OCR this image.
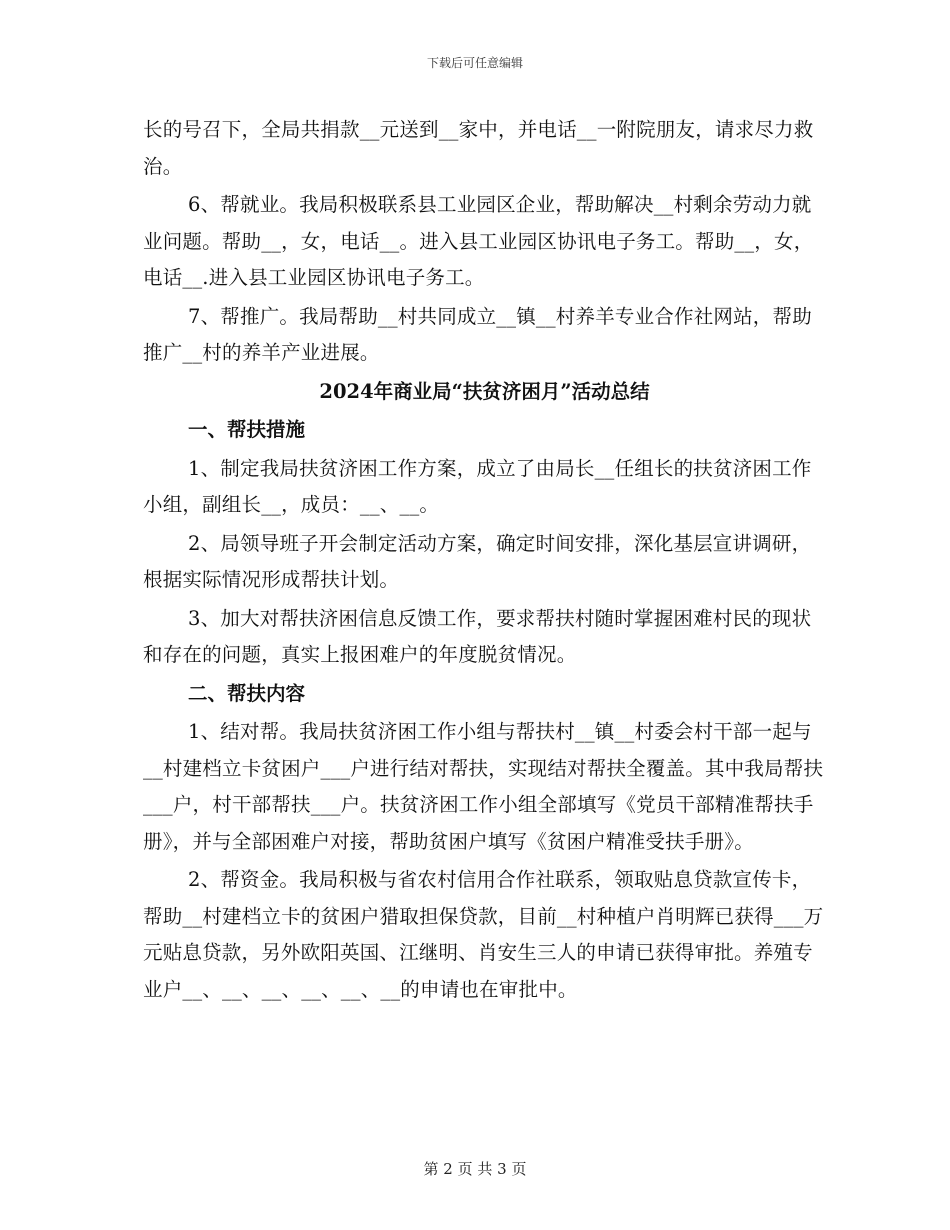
下载后可任意编辑

长的号召下，全局共捐款__元送到__家中，并电话__一附院朋友，请求尽力救治。

6、帮就业。我局积极联系县工业园区企业，帮助解决__村剩余劳动力就业问题。帮助__，女，电话__。进入县工业园区协讯电子务工。帮助__，女，电话__.进入县工业园区协讯电子务工。

7、帮推广。我局帮助__村共同成立__镇__村养羊专业合作社网站，帮助推广__村的养羊产业进展。

2024年商业局“扶贫济困月”活动总结

一、帮扶措施

1、制定我局扶贫济困工作方案，成立了由局长__任组长的扶贫济困工作小组，副组长__，成员：__、__。

2、局领导班子开会制定活动方案，确定时间安排，深化基层宣讲调研，根据实际情况形成帮扶计划。

3、加大对帮扶济困信息反馈工作，要求帮扶村随时掌握困难村民的现状和存在的问题，真实上报困难户的年度脱贫情况。

二、帮扶内容

1、结对帮。我局扶贫济困工作小组与帮扶村__镇__村委会村干部一起与__村建档立卡贫困户___户进行结对帮扶，实现结对帮扶全覆盖。其中我局帮扶___户，村干部帮扶___户。扶贫济困工作小组全部填写《党员干部精准帮扶手册》，并与全部困难户对接，帮助贫困户填写《贫困户精准受扶手册》。

2、帮资金。我局积极与省农村信用合作社联系，领取贴息贷款宣传卡，帮助__村建档立卡的贫困户猎取担保贷款，目前__村种植户肖明辉已获得___万元贴息贷款，另外欧阳英国、江继明、肖安生三人的申请已获得审批。养殖专业户__、__、__、__、__、__的申请也在审批中。

第 2 页 共 3 页
